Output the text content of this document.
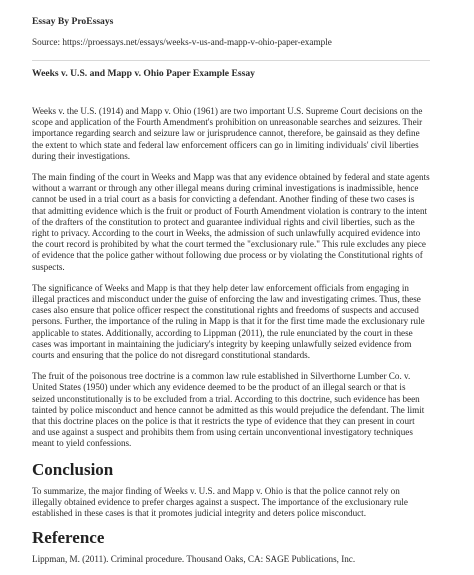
Essay By ProEssays
Source: https://proessays.net/essays/weeks-v-us-and-mapp-v-ohio-paper-example
Weeks v. U.S. and Mapp v. Ohio Paper Example Essay

Weeks v. the U.S. (1914) and Mapp v. Ohio (1961) are two important U.S. Supreme Court decisions on the scope and application of the Fourth Amendment's prohibition on unreasonable searches and seizures. Their importance regarding search and seizure law or jurisprudence cannot, therefore, be gainsaid as they define the extent to which state and federal law enforcement officers can go in limiting individuals' civil liberties during their investigations.

The main finding of the court in Weeks and Mapp was that any evidence obtained by federal and state agents without a warrant or through any other illegal means during criminal investigations is inadmissible, hence cannot be used in a trial court as a basis for convicting a defendant. Another finding of these two cases is that admitting evidence which is the fruit or product of Fourth Amendment violation is contrary to the intent of the drafters of the constitution to protect and guarantee individual rights and civil liberties, such as the right to privacy. According to the court in Weeks, the admission of such unlawfully acquired evidence into the court record is prohibited by what the court termed the "exclusionary rule." This rule excludes any piece of evidence that the police gather without following due process or by violating the Constitutional rights of suspects.

The significance of Weeks and Mapp is that they help deter law enforcement officials from engaging in illegal practices and misconduct under the guise of enforcing the law and investigating crimes. Thus, these cases also ensure that police officer respect the constitutional rights and freedoms of suspects and accused persons. Further, the importance of the ruling in Mapp is that it for the first time made the exclusionary rule applicable to states. Additionally, according to Lippman (2011), the rule enunciated by the court in these cases was important in maintaining the judiciary's integrity by keeping unlawfully seized evidence from courts and ensuring that the police do not disregard constitutional standards.

The fruit of the poisonous tree doctrine is a common law rule established in Silverthorne Lumber Co. v. United States (1950) under which any evidence deemed to be the product of an illegal search or that is seized unconstitutionally is to be excluded from a trial. According to this doctrine, such evidence has been tainted by police misconduct and hence cannot be admitted as this would prejudice the defendant. The limit that this doctrine places on the police is that it restricts the type of evidence that they can present in court and use against a suspect and prohibits them from using certain unconventional investigatory techniques meant to yield confessions.

Conclusion

To summarize, the major finding of Weeks v. U.S. and Mapp v. Ohio is that the police cannot rely on illegally obtained evidence to prefer charges against a suspect. The importance of the exclusionary rule established in these cases is that it promotes judicial integrity and deters police misconduct.

Reference

Lippman, M. (2011). Criminal procedure. Thousand Oaks, CA: SAGE Publications, Inc.
